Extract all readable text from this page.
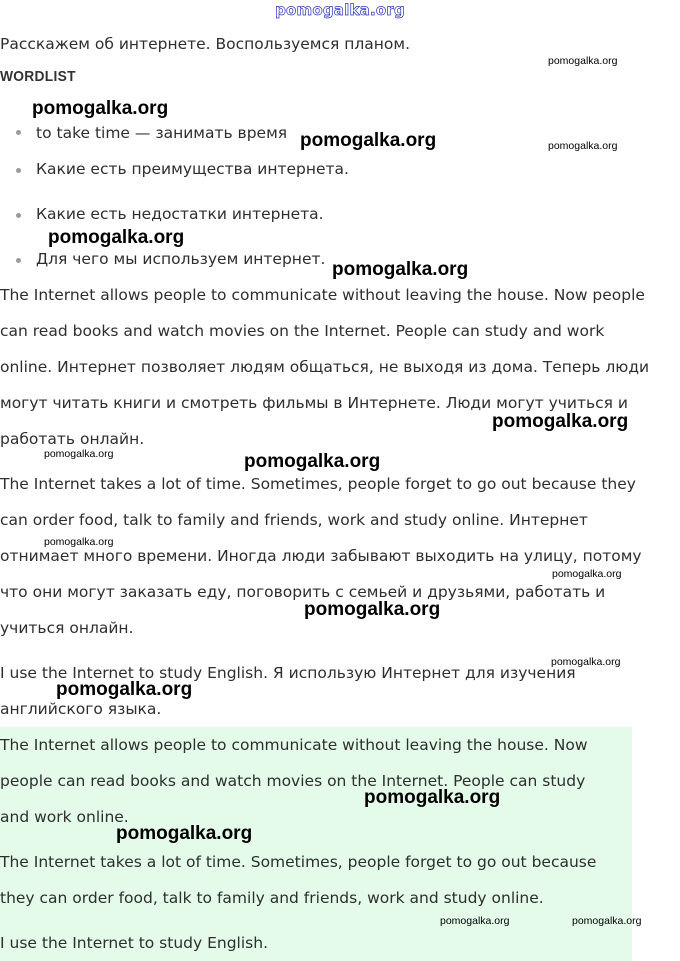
pomogalka.org
Расскажем об интернете. Воспользуемся планом.
WORDLIST
to take time — занимать время
Какие есть преимущества интернета.
Какие есть недостатки интернета.
Для чего мы используем интернет.
The Internet allows people to communicate without leaving the house. Now people
can read books and watch movies on the Internet. People can study and work
online. Интернет позволяет людям общаться, не выходя из дома. Теперь люди
могут читать книги и смотреть фильмы в Интернете. Люди могут учиться и
работать онлайн.
The Internet takes a lot of time. Sometimes, people forget to go out because they
can order food, talk to family and friends, work and study online. Интернет
отнимает много времени. Иногда люди забывают выходить на улицу, потому
что они могут заказать еду, поговорить с семьей и друзьями, работать и
учиться онлайн.
I use the Internet to study English. Я использую Интернет для изучения
английского языка.
The Internet allows people to communicate without leaving the house. Now
people can read books and watch movies on the Internet. People can study
and work online.
The Internet takes a lot of time. Sometimes, people forget to go out because
they can order food, talk to family and friends, work and study online.
I use the Internet to study English.
pomogalka.org
pomogalka.org
pomogalka.org	pomogalka.org
pomogalka.org
pomogalka.org
pomogalka.org
pomogalka.org	pomogalka.org
pomogalka.org
pomogalka.org
pomogalka.org
pomogalka.org
pomogalka.org
pomogalka.org
pomogalka.org
pomogalka.org	pomogalka.org
